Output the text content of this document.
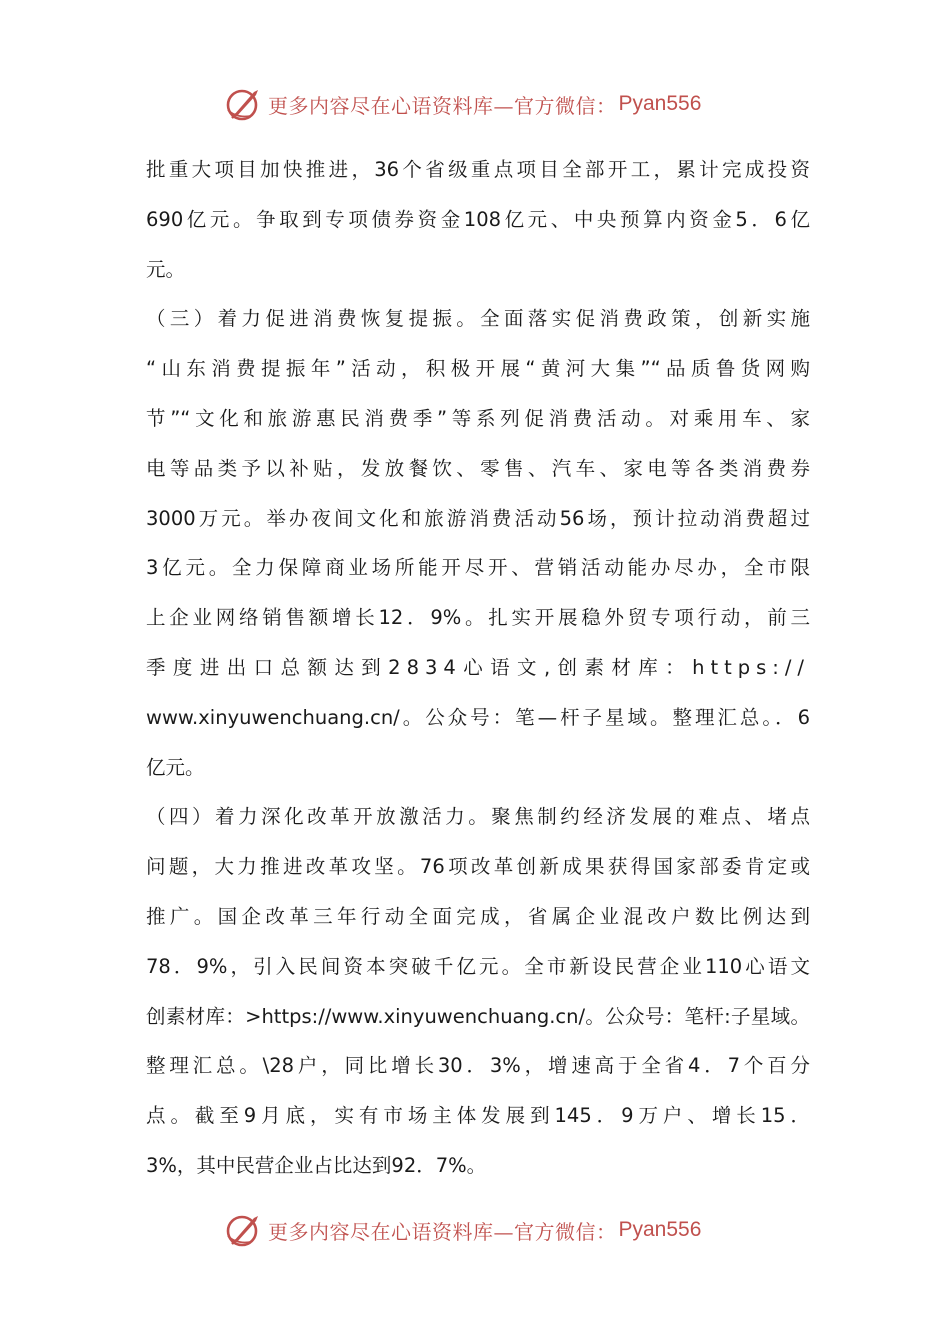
更多内容尽在心语资料库—官方微信： Pyan556
批重大项目加快推进，36个省级重点项目全部开工，累计完成投资
690亿元。争取到专项债券资金108亿元、中央预算内资金5．6亿
元。
（三）着力促进消费恢复提振。全面落实促消费政策，创新实施
“山东消费提振年”活动，积极开展“黄河大集”“品质鲁货网购
节”“文化和旅游惠民消费季”等系列促消费活动。对乘用车、家
电等品类予以补贴，发放餐饮、零售、汽车、家电等各类消费券
3000万元。举办夜间文化和旅游消费活动56场，预计拉动消费超过
3亿元。全力保障商业场所能开尽开、营销活动能办尽办，全市限
上企业网络销售额增长12．9%。扎实开展稳外贸专项行动，前三
季度进出口总额达到2834心语文,创素材库：https://
www.xinyuwenchuang.cn/。公众号：笔—杆子星域。整理汇总。．6
亿元。
（四）着力深化改革开放激活力。聚焦制约经济发展的难点、堵点
问题，大力推进改革攻坚。76项改革创新成果获得国家部委肯定或
推广。国企改革三年行动全面完成，省属企业混改户数比例达到
78．9%，引入民间资本突破千亿元。全市新设民营企业110心语文
创素材库：>https://www.xinyuwenchuang.cn/。公众号：笔杆:子星域。
整理汇总。\28户，同比增长30．3%，增速高于全省4．7个百分
点。截至9月底，实有市场主体发展到145．9万户、增长15．
3%，其中民营企业占比达到92．7%。
更多内容尽在心语资料库—官方微信： Pyan556
